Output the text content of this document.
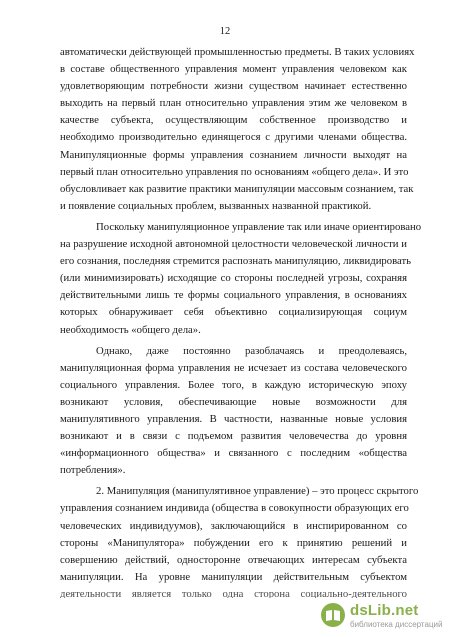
12
автоматически действующей промышленностью предметы. В таких условиях
в составе общественного управления момент управления человеком как
удовлетворяющим потребности жизни существом начинает естественно
выходить на первый план относительно управления этим же человеком в
качестве субъекта, осуществляющим собственное производство и
необходимо производительно единящегося с другими членами общества.
Манипуляционные формы управления сознанием личности выходят на
первый план относительно управления по основаниям «общего дела». И это
обусловливает как развитие практики манипуляции массовым сознанием, так
и появление социальных проблем, вызванных названной практикой.
Поскольку манипуляционное управление так или иначе ориентировано
на разрушение исходной автономной целостности человеческой личности и
его сознания, последняя стремится распознать манипуляцию, ликвидировать
(или минимизировать) исходящие со стороны последней угрозы, сохраняя
действительными лишь те формы социального управления, в основаниях
которых обнаруживает себя объективно социализирующая социум
необходимость «общего дела».
Однако, даже постоянно разоблачаясь и преодолеваясь,
манипуляционная форма управления не исчезает из состава человеческого
социального управления. Более того, в каждую историческую эпоху
возникают условия, обеспечивающие новые возможности для
манипулятивного управления. В частности, названные новые условия
возникают и в связи с подъемом развития человечества до уровня
«информационного общества» и связанного с последним «общества
потребления».
2. Манипуляция (манипулятивное управление) – это процесс скрытого
управления сознанием индивида (общества в совокупности образующих его
человеческих индивидуумов), заключающийся в инспирированном со
стороны «Манипулятора» побуждении его к принятию решений и
совершению действий, односторонне отвечающих интересам субъекта
манипуляции. На уровне манипуляции действительным субъектом
деятельности является только одна сторона социально-деятельного
dsLib.net
библиотека диссертаций
